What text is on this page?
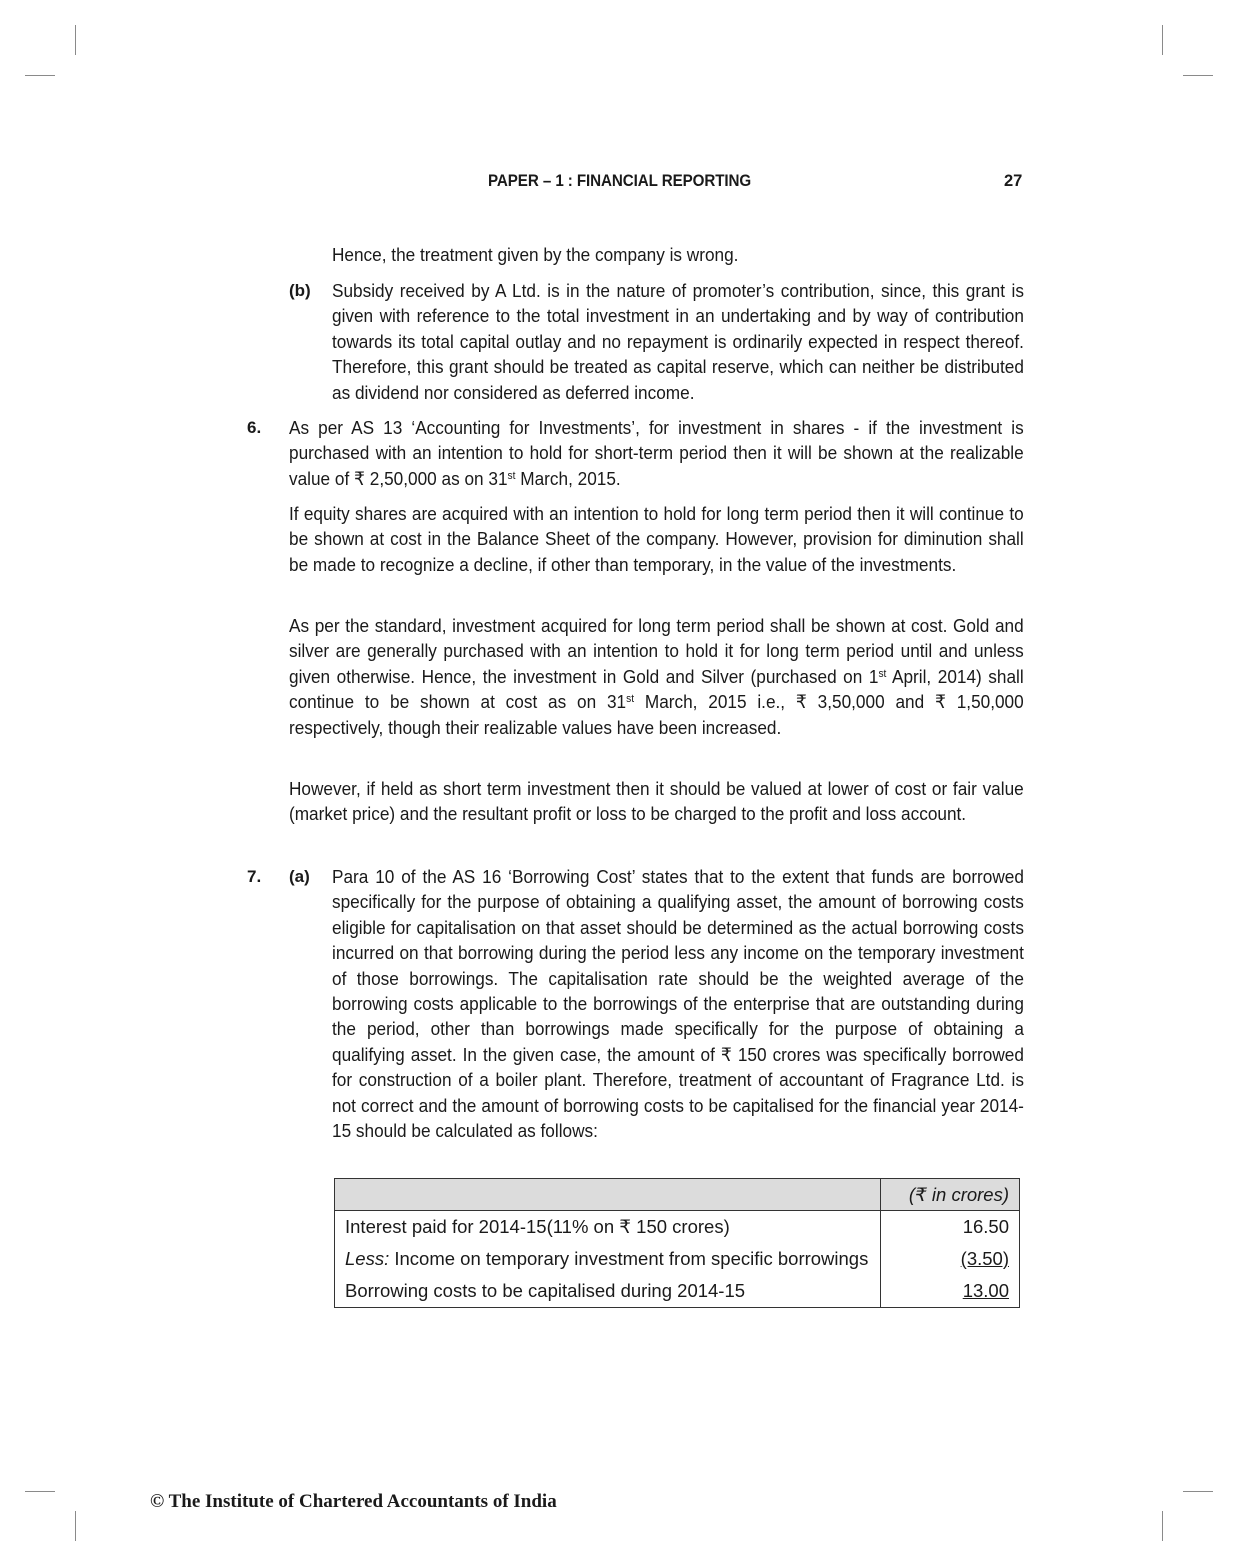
PAPER – 1 : FINANCIAL REPORTING	27
Hence, the treatment given by the company is wrong.
(b) Subsidy received by A Ltd. is in the nature of promoter’s contribution, since, this grant is given with reference to the total investment in an undertaking and by way of contribution towards its total capital outlay and no repayment is ordinarily expected in respect thereof. Therefore, this grant should be treated as capital reserve, which can neither be distributed as dividend nor considered as deferred income.
6. As per AS 13 ‘Accounting for Investments’, for investment in shares - if the investment is purchased with an intention to hold for short-term period then it will be shown at the realizable value of ₹ 2,50,000 as on 31st March, 2015.
If equity shares are acquired with an intention to hold for long term period then it will continue to be shown at cost in the Balance Sheet of the company. However, provision for diminution shall be made to recognize a decline, if other than temporary, in the value of the investments.
As per the standard, investment acquired for long term period shall be shown at cost. Gold and silver are generally purchased with an intention to hold it for long term period until and unless given otherwise. Hence, the investment in Gold and Silver (purchased on 1st April, 2014) shall continue to be shown at cost as on 31st March, 2015 i.e., ₹ 3,50,000 and ₹ 1,50,000 respectively, though their realizable values have been increased.
However, if held as short term investment then it should be valued at lower of cost or fair value (market price) and the resultant profit or loss to be charged to the profit and loss account.
7. (a) Para 10 of the AS 16 ‘Borrowing Cost’ states that to the extent that funds are borrowed specifically for the purpose of obtaining a qualifying asset, the amount of borrowing costs eligible for capitalisation on that asset should be determined as the actual borrowing costs incurred on that borrowing during the period less any income on the temporary investment of those borrowings. The capitalisation rate should be the weighted average of the borrowing costs applicable to the borrowings of the enterprise that are outstanding during the period, other than borrowings made specifically for the purpose of obtaining a qualifying asset. In the given case, the amount of ₹ 150 crores was specifically borrowed for construction of a boiler plant. Therefore, treatment of accountant of Fragrance Ltd. is not correct and the amount of borrowing costs to be capitalised for the financial year 2014-15 should be calculated as follows:
	(₹ in crores)
Interest paid for 2014-15(11% on ₹ 150 crores)	16.50
Less: Income on temporary investment from specific borrowings	(3.50)
Borrowing costs to be capitalised during 2014-15	13.00
© The Institute of Chartered Accountants of India
